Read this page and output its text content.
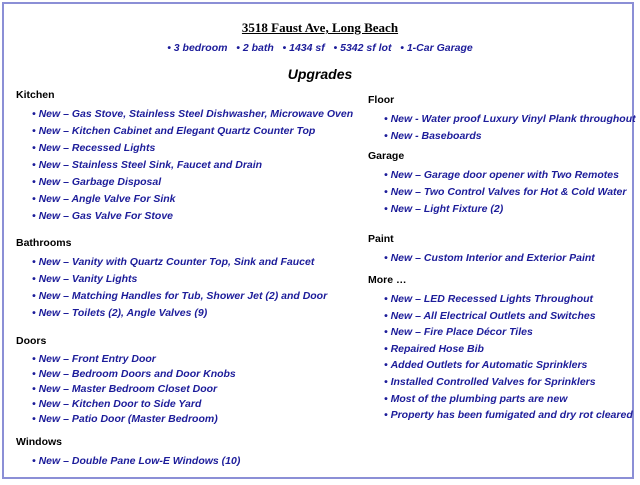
3518 Faust Ave, Long Beach
• 3 bedroom • 2 bath • 1434 sf • 5342 sf lot • 1-Car Garage
Upgrades
Kitchen
• New – Gas Stove, Stainless Steel Dishwasher, Microwave Oven
• New – Kitchen Cabinet and Elegant Quartz Counter Top
• New – Recessed Lights
• New – Stainless Steel Sink, Faucet and Drain
• New – Garbage Disposal
• New – Angle Valve For Sink
• New – Gas Valve For Stove
Bathrooms
• New – Vanity with Quartz Counter Top, Sink and Faucet
• New – Vanity Lights
• New – Matching Handles for Tub, Shower Jet (2) and Door
• New – Toilets (2), Angle Valves (9)
Doors
• New – Front Entry Door
• New – Bedroom Doors and Door Knobs
• New – Master Bedroom Closet Door
• New – Kitchen Door to Side Yard
• New – Patio Door (Master Bedroom)
Windows
• New – Double Pane Low-E Windows (10)
Floor
• New - Water proof Luxury Vinyl Plank throughout
• New - Baseboards
Garage
• New – Garage door opener with Two Remotes
• New – Two Control Valves for Hot & Cold Water
• New – Light Fixture (2)
Paint
• New – Custom Interior and Exterior Paint
More …
• New – LED Recessed Lights Throughout
• New – All Electrical Outlets and Switches
• New – Fire Place Décor Tiles
• Repaired Hose Bib
• Added Outlets for Automatic Sprinklers
• Installed Controlled Valves for Sprinklers
• Most of the plumbing parts are new
• Property has been fumigated and dry rot cleared
